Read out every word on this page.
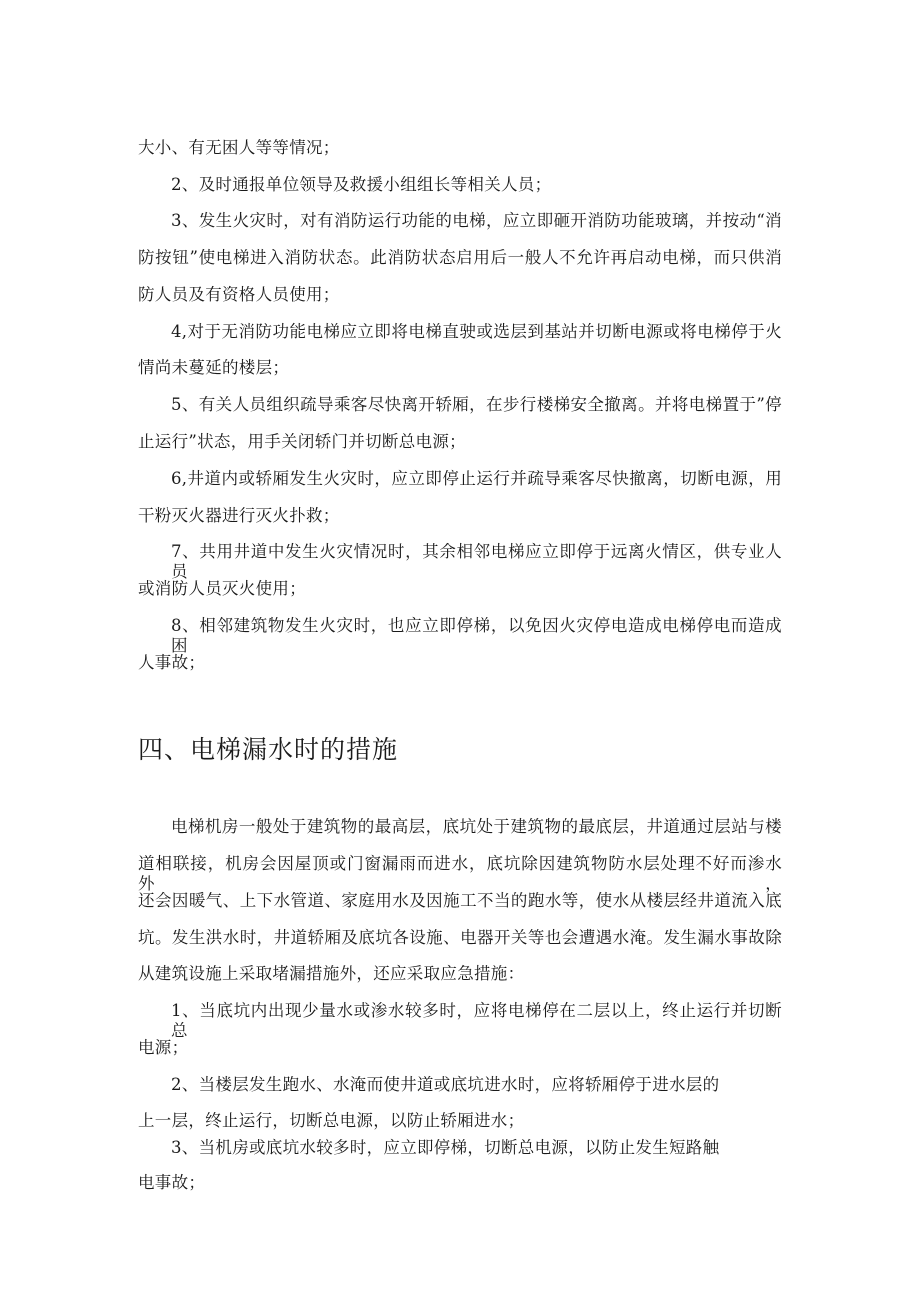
大小、有无困人等等情况；
2、及时通报单位领导及救援小组组长等相关人员；
3、发生火灾时，对有消防运行功能的电梯，应立即砸开消防功能玻璃，并按动“消
防按钮”使电梯进入消防状态。此消防状态启用后一般人不允许再启动电梯，而只供消
防人员及有资格人员使用；
4,对于无消防功能电梯应立即将电梯直驶或选层到基站并切断电源或将电梯停于火
情尚未蔓延的楼层；
5、有关人员组织疏导乘客尽快离开轿厢，在步行楼梯安全撤离。并将电梯置于”停
止运行”状态，用手关闭轿门并切断总电源；
6,井道内或轿厢发生火灾时，应立即停止运行并疏导乘客尽快撤离，切断电源，用
干粉灭火器进行灭火扑救；
7、共用井道中发生火灾情况时，其余相邻电梯应立即停于远离火情区，供专业人员
或消防人员灭火使用；
8、相邻建筑物发生火灾时，也应立即停梯，以免因火灾停电造成电梯停电而造成困
人事故；
四、电梯漏水时的措施
电梯机房一般处于建筑物的最高层，底坑处于建筑物的最底层，井道通过层站与楼
道相联接，机房会因屋顶或门窗漏雨而进水，底坑除因建筑物防水层处理不好而渗水外，
还会因暖气、上下水管道、家庭用水及因施工不当的跑水等，使水从楼层经井道流入底
坑。发生洪水时，井道轿厢及底坑各设施、电器开关等也会遭遇水淹。发生漏水事故除
从建筑设施上采取堵漏措施外，还应采取应急措施：
1、当底坑内出现少量水或渗水较多时，应将电梯停在二层以上，终止运行并切断总
电源；
2、当楼层发生跑水、水淹而使井道或底坑进水时，应将轿厢停于进水层的
上一层，终止运行，切断总电源，以防止轿厢进水；
3、当机房或底坑水较多时，应立即停梯，切断总电源，以防止发生短路触
电事故；
